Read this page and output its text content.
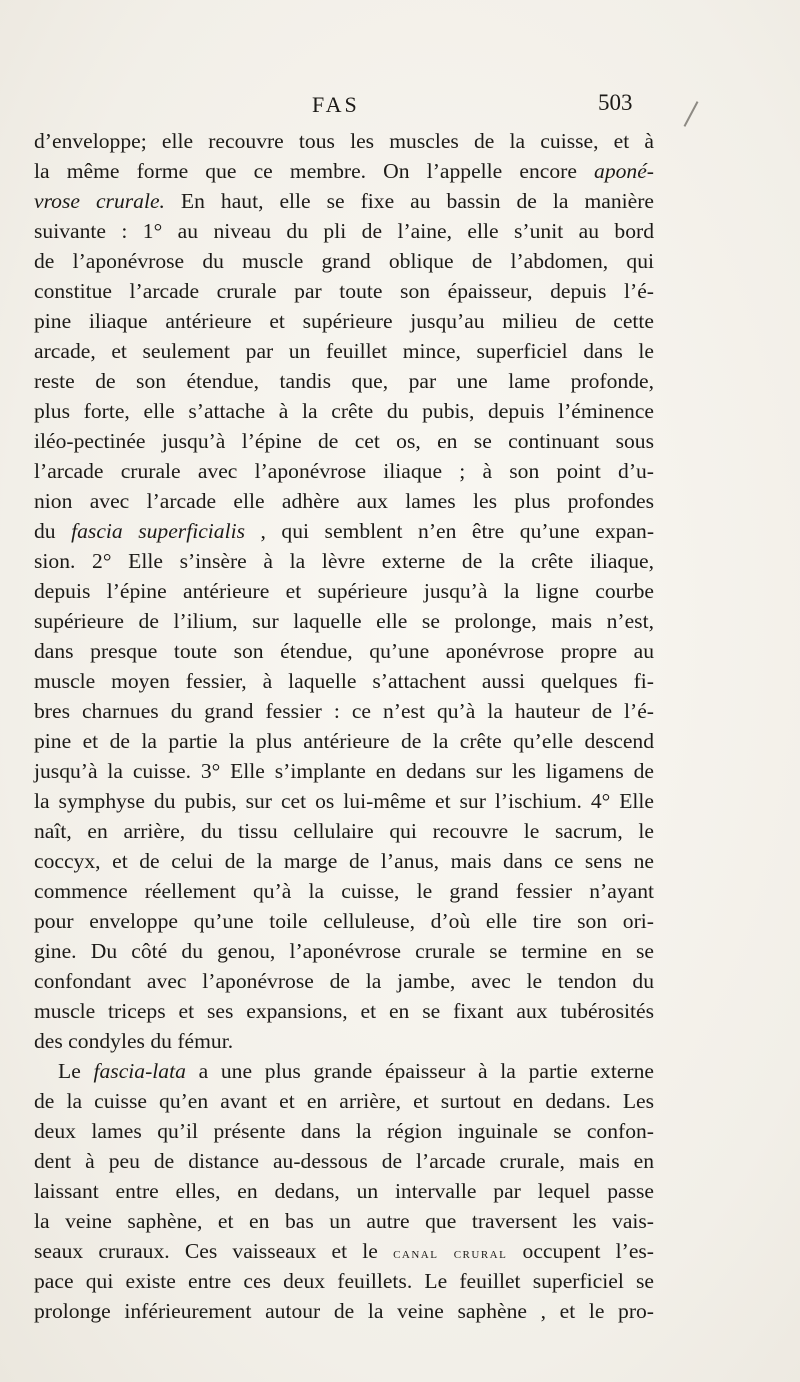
FAS	503
d’enveloppe; elle recouvre tous les muscles de la cuisse, et à
la même forme que ce membre. On l’appelle encore aponé-
vrose crurale. En haut, elle se fixe au bassin de la manière
suivante : 1° au niveau du pli de l’aine, elle s’unit au bord
de l’aponévrose du muscle grand oblique de l’abdomen, qui
constitue l’arcade crurale par toute son épaisseur, depuis l’é-
pine iliaque antérieure et supérieure jusqu’au milieu de cette
arcade, et seulement par un feuillet mince, superficiel dans le
reste de son étendue, tandis que, par une lame profonde,
plus forte, elle s’attache à la crête du pubis, depuis l’éminence
iléo-pectinée jusqu’à l’épine de cet os, en se continuant sous
l’arcade crurale avec l’aponévrose iliaque ; à son point d’u-
nion avec l’arcade elle adhère aux lames les plus profondes
du fascia superficialis , qui semblent n’en être qu’une expan-
sion. 2° Elle s’insère à la lèvre externe de la crête iliaque,
depuis l’épine antérieure et supérieure jusqu’à la ligne courbe
supérieure de l’ilium, sur laquelle elle se prolonge, mais n’est,
dans presque toute son étendue, qu’une aponévrose propre au
muscle moyen fessier, à laquelle s’attachent aussi quelques fi-
bres charnues du grand fessier : ce n’est qu’à la hauteur de l’é-
pine et de la partie la plus antérieure de la crête qu’elle descend
jusqu’à la cuisse. 3° Elle s’implante en dedans sur les ligamens de
la symphyse du pubis, sur cet os lui-même et sur l’ischium. 4° Elle
naît, en arrière, du tissu cellulaire qui recouvre le sacrum, le
coccyx, et de celui de la marge de l’anus, mais dans ce sens ne
commence réellement qu’à la cuisse, le grand fessier n’ayant
pour enveloppe qu’une toile celluleuse, d’où elle tire son ori-
gine. Du côté du genou, l’aponévrose crurale se termine en se
confondant avec l’aponévrose de la jambe, avec le tendon du
muscle triceps et ses expansions, et en se fixant aux tubérosités
des condyles du fémur.
Le fascia-lata a une plus grande épaisseur à la partie externe
de la cuisse qu’en avant et en arrière, et surtout en dedans. Les
deux lames qu’il présente dans la région inguinale se confon-
dent à peu de distance au-dessous de l’arcade crurale, mais en
laissant entre elles, en dedans, un intervalle par lequel passe
la veine saphène, et en bas un autre que traversent les vais-
seaux cruraux. Ces vaisseaux et le canal crural occupent l’es-
pace qui existe entre ces deux feuillets. Le feuillet superficiel se
prolonge inférieurement autour de la veine saphène , et le pro-
